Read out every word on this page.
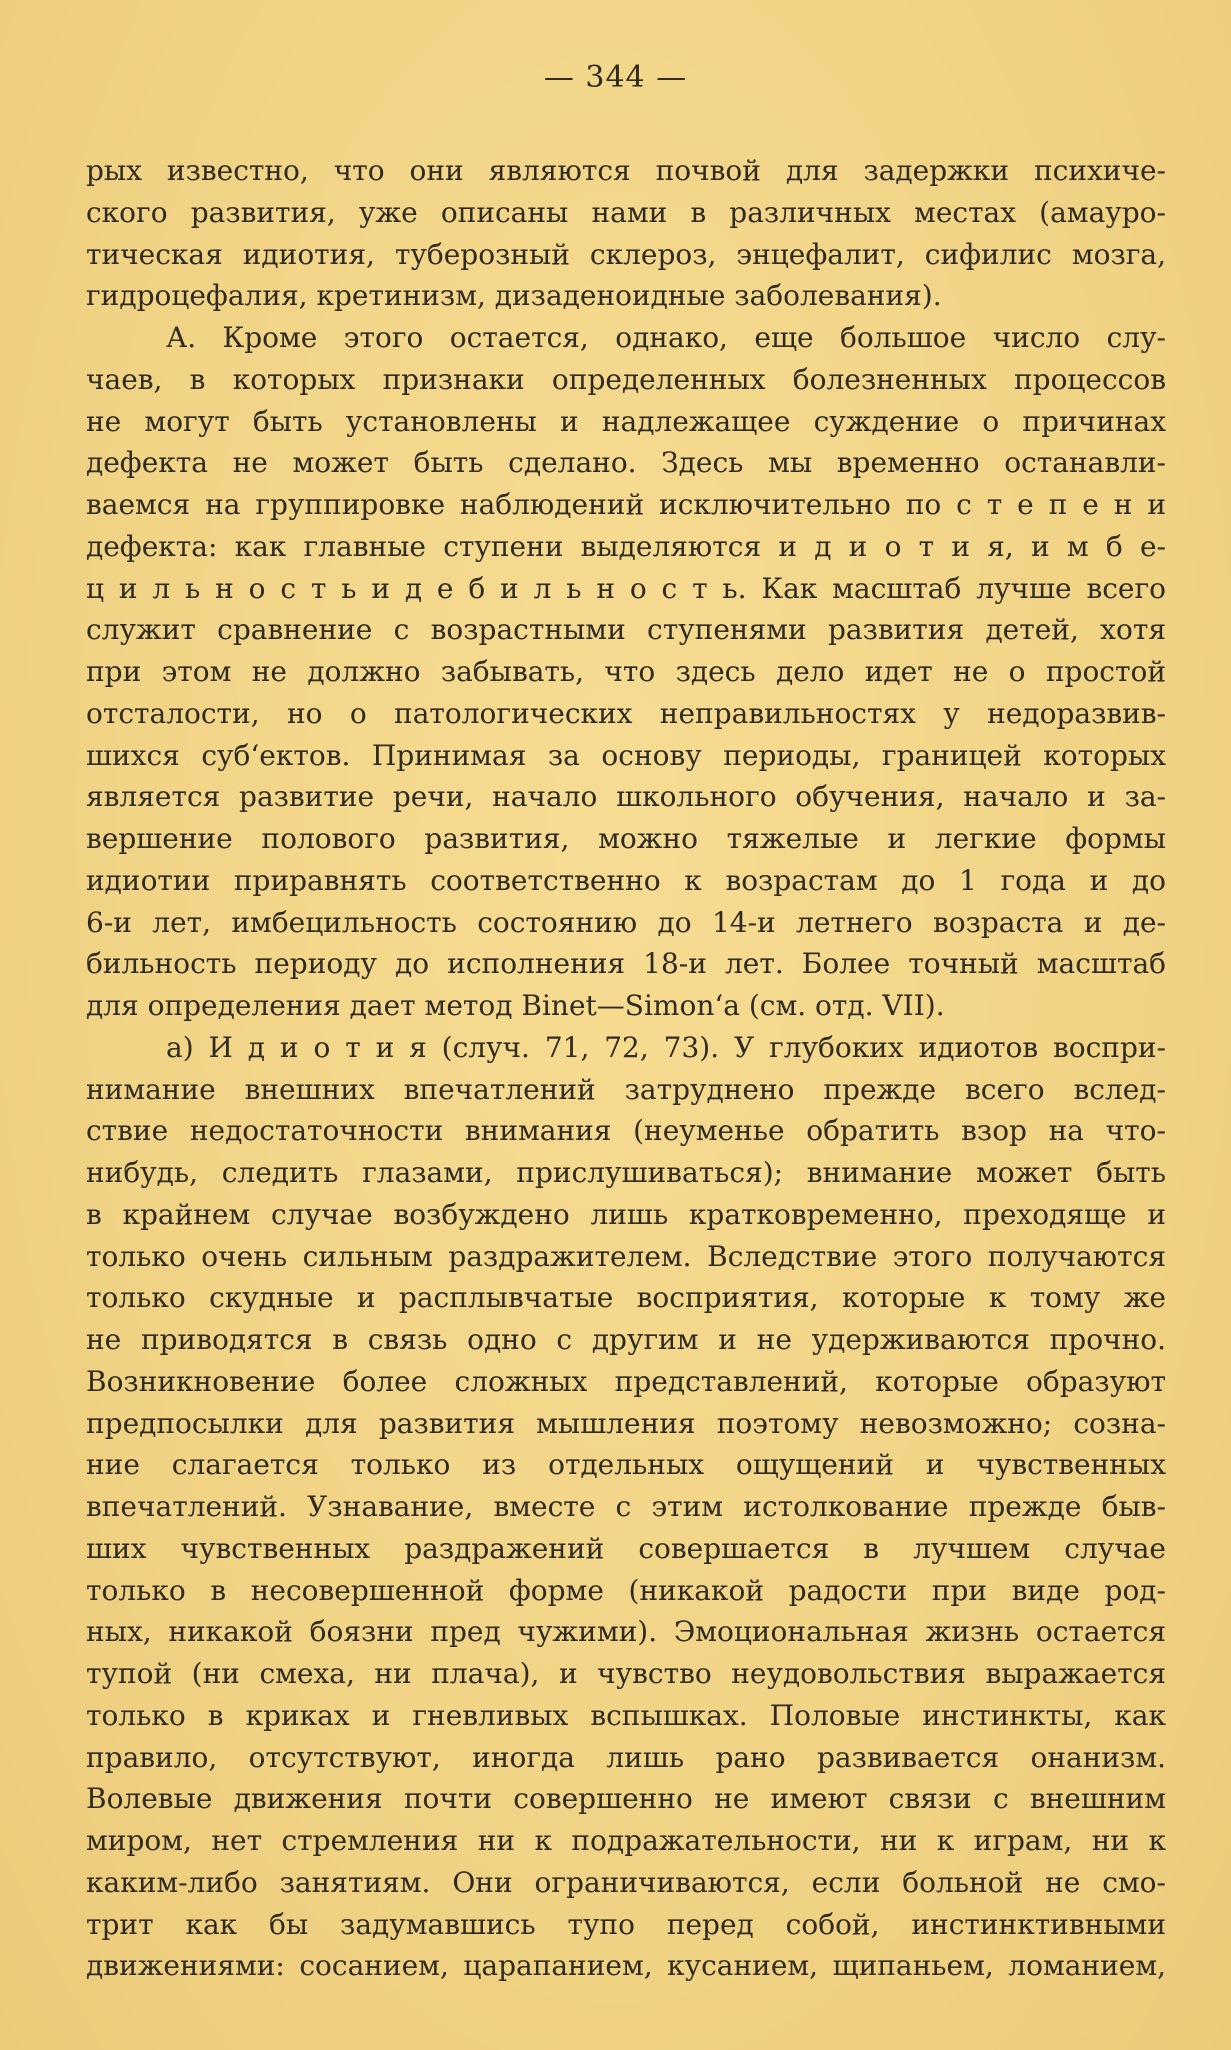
— 344 —
рых известно, что они являются почвой для задержки психиче-
ского развития, уже описаны нами в различных местах (амауро-
тическая идиотия, туберозный склероз, энцефалит, сифилис мозга,
гидроцефалия, кретинизм, дизаденоидные заболевания).
А. Кроме этого остается, однако, еще большое число слу-
чаев, в которых признаки определенных болезненных процессов
не могут быть установлены и надлежащее суждение о причинах
дефекта не может быть сделано. Здесь мы временно останавли-
ваемся на группировке наблюдений исключительно по с т е п е н и
дефекта: как главные ступени выделяются и д и о т и я, и м б е-
ц и л ь н о с т ь и д е б и л ь н о с т ь. Как масштаб лучше всего
служит сравнение с возрастными ступенями развития детей, хотя
при этом не должно забывать, что здесь дело идет не о простой
отсталости, но о патологических неправильностях у недоразвив-
шихся суб‘ектов. Принимая за основу периоды, границей которых
является развитие речи, начало школьного обучения, начало и за-
вершение полового развития, можно тяжелые и легкие формы
идиотии приравнять соответственно к возрастам до 1 года и до
6-и лет, имбецильность состоянию до 14-и летнего возраста и де-
бильность периоду до исполнения 18-и лет. Более точный масштаб
для определения дает метод Binet—Simon‘a (см. отд. VII).
а) И д и о т и я (случ. 71, 72, 73). У глубоких идиотов воспри-
нимание внешних впечатлений затруднено прежде всего вслед-
ствие недостаточности внимания (неуменье обратить взор на что-
нибудь, следить глазами, прислушиваться); внимание может быть
в крайнем случае возбуждено лишь кратковременно, преходяще и
только очень сильным раздражителем. Вследствие этого получаются
только скудные и расплывчатые восприятия, которые к тому же
не приводятся в связь одно с другим и не удерживаются прочно.
Возникновение более сложных представлений, которые образуют
предпосылки для развития мышления поэтому невозможно; созна-
ние слагается только из отдельных ощущений и чувственных
впечатлений. Узнавание, вместе с этим истолкование прежде быв-
ших чувственных раздражений совершается в лучшем случае
только в несовершенной форме (никакой радости при виде род-
ных, никакой боязни пред чужими). Эмоциональная жизнь остается
тупой (ни смеха, ни плача), и чувство неудовольствия выражается
только в криках и гневливых вспышках. Половые инстинкты, как
правило, отсутствуют, иногда лишь рано развивается онанизм.
Волевые движения почти совершенно не имеют связи с внешним
миром, нет стремления ни к подражательности, ни к играм, ни к
каким-либо занятиям. Они ограничиваются, если больной не смо-
трит как бы задумавшись тупо перед собой, инстинктивными
движениями: сосанием, царапанием, кусанием, щипаньем, ломанием,
